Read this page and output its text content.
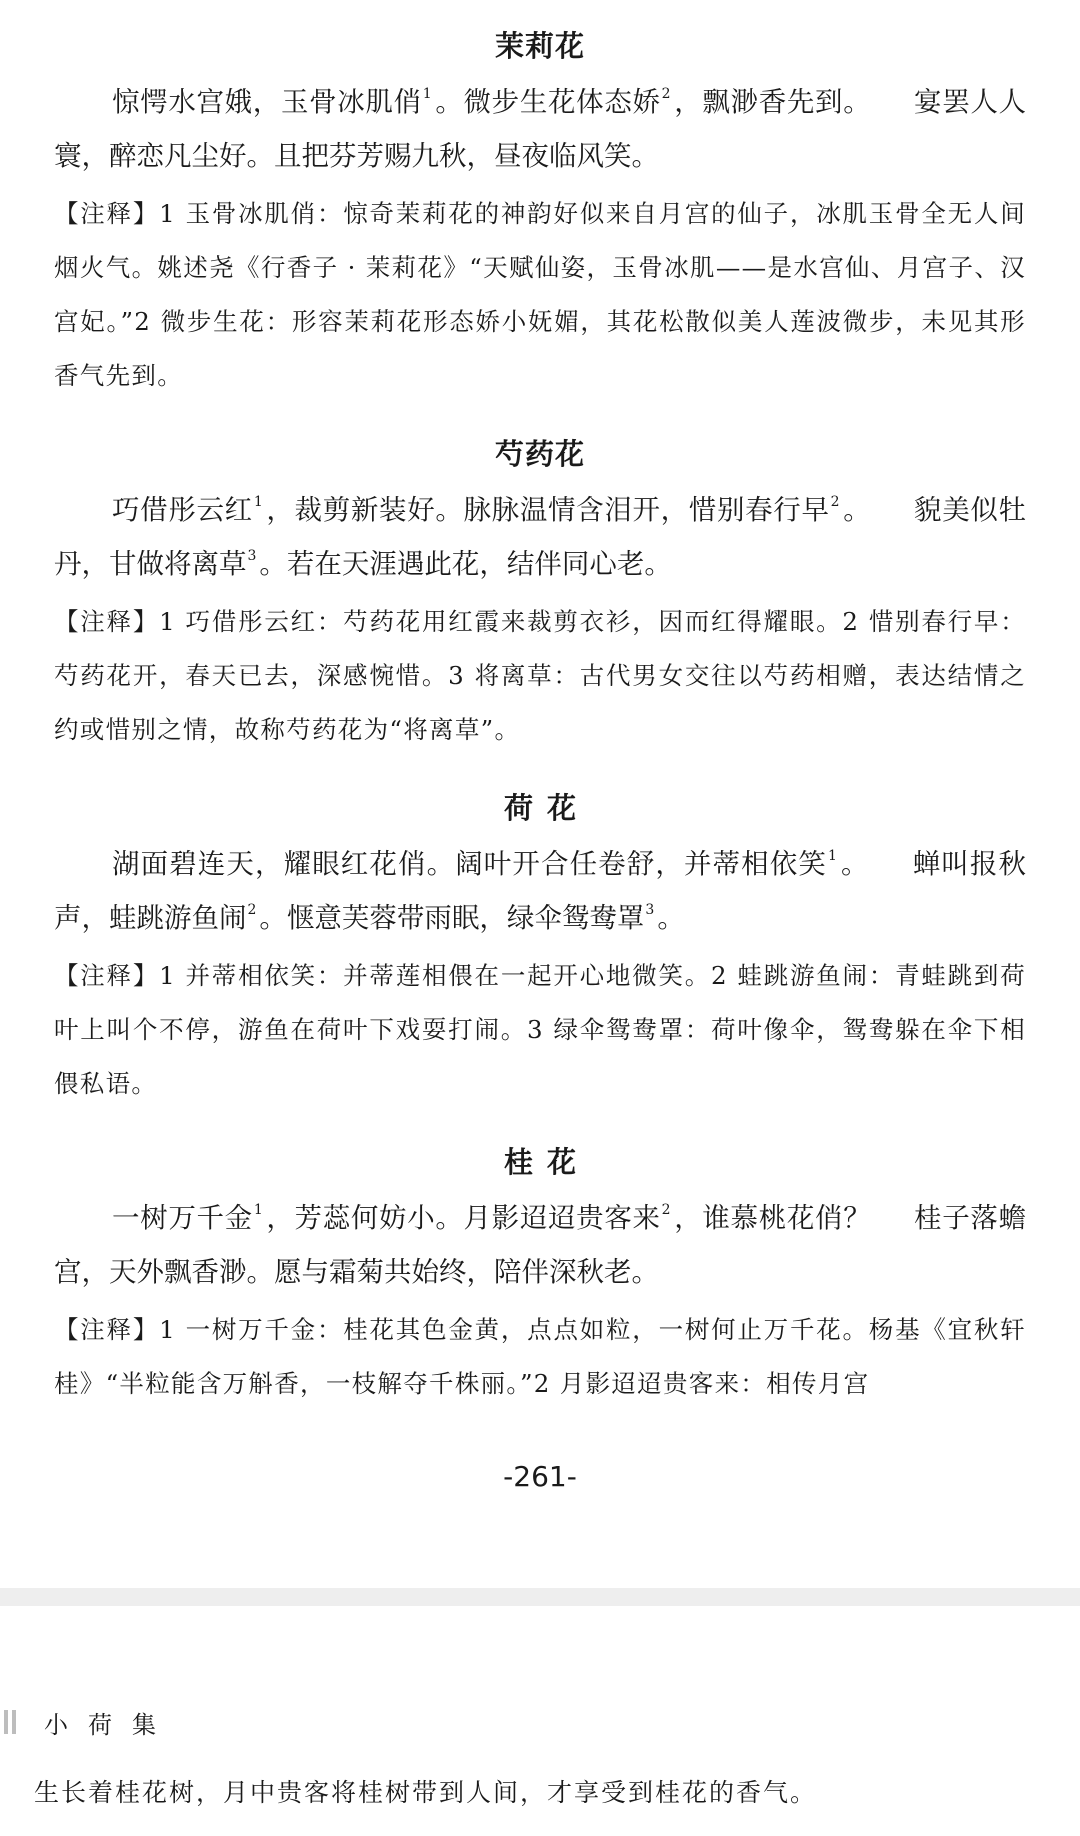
茉莉花

惊愕水宫娥，玉骨冰肌俏$^1$ 。微步生花体态娇$^2$ ，飘渺香先到。 宴罢人人寰，醉恋凡尘好。且把芬芳赐九秋，昼夜临风笑。

【注释】1 玉骨冰肌俏：惊奇茉莉花的神韵好似来自月宫的仙子，冰肌玉骨全无人间烟火气。姚述尧《行香子 · 茉莉花》“天赋仙姿，玉骨冰肌——是水宫仙、月宫子、汉宫妃。”2 微步生花：形容茉莉花形态娇小妩媚，其花松散似美人莲波微步，未见其形香气先到。

芍药花

巧借彤云红$^1$ ，裁剪新装好。脉脉温情含泪开，惜别春行早$^2$ 。 貌美似牡丹，甘做将离草$^3$ 。若在天涯遇此花，结伴同心老。

【注释】1 巧借彤云红：芍药花用红霞来裁剪衣衫，因而红得耀眼。2 惜别春行早：芍药花开，春天已去，深感惋惜。3 将离草：古代男女交往以芍药相赠，表达结情之约或惜别之情，故称芍药花为“将离草”。

荷花

湖面碧连天，耀眼红花俏。阔叶开合任卷舒，并蒂相依笑$^1$ 。 蝉叫报秋声，蛙跳游鱼闹$^2$ 。惬意芙蓉带雨眠，绿伞鸳鸯罩$^3$ 。

【注释】1 并蒂相依笑：并蒂莲相偎在一起开心地微笑。2 蛙跳游鱼闹：青蛙跳到荷叶上叫个不停，游鱼在荷叶下戏耍打闹。3 绿伞鸳鸯罩：荷叶像伞，鸳鸯躲在伞下相偎私语。

桂花

一树万千金$^1$ ，芳蕊何妨小。月影迢迢贵客来$^2$ ，谁慕桃花俏？ 桂子落蟾宫，天外飘香渺。愿与霜菊共始终，陪伴深秋老。

【注释】1 一树万千金：桂花其色金黄，点点如粒，一树何止万千花。杨基《宜秋轩桂》“半粒能含万斛香，一枝解夺千株丽。”2 月影迢迢贵客来：相传月宫

-261-
小荷集
生长着桂花树，月中贵客将桂树带到人间，才享受到桂花的香气。
